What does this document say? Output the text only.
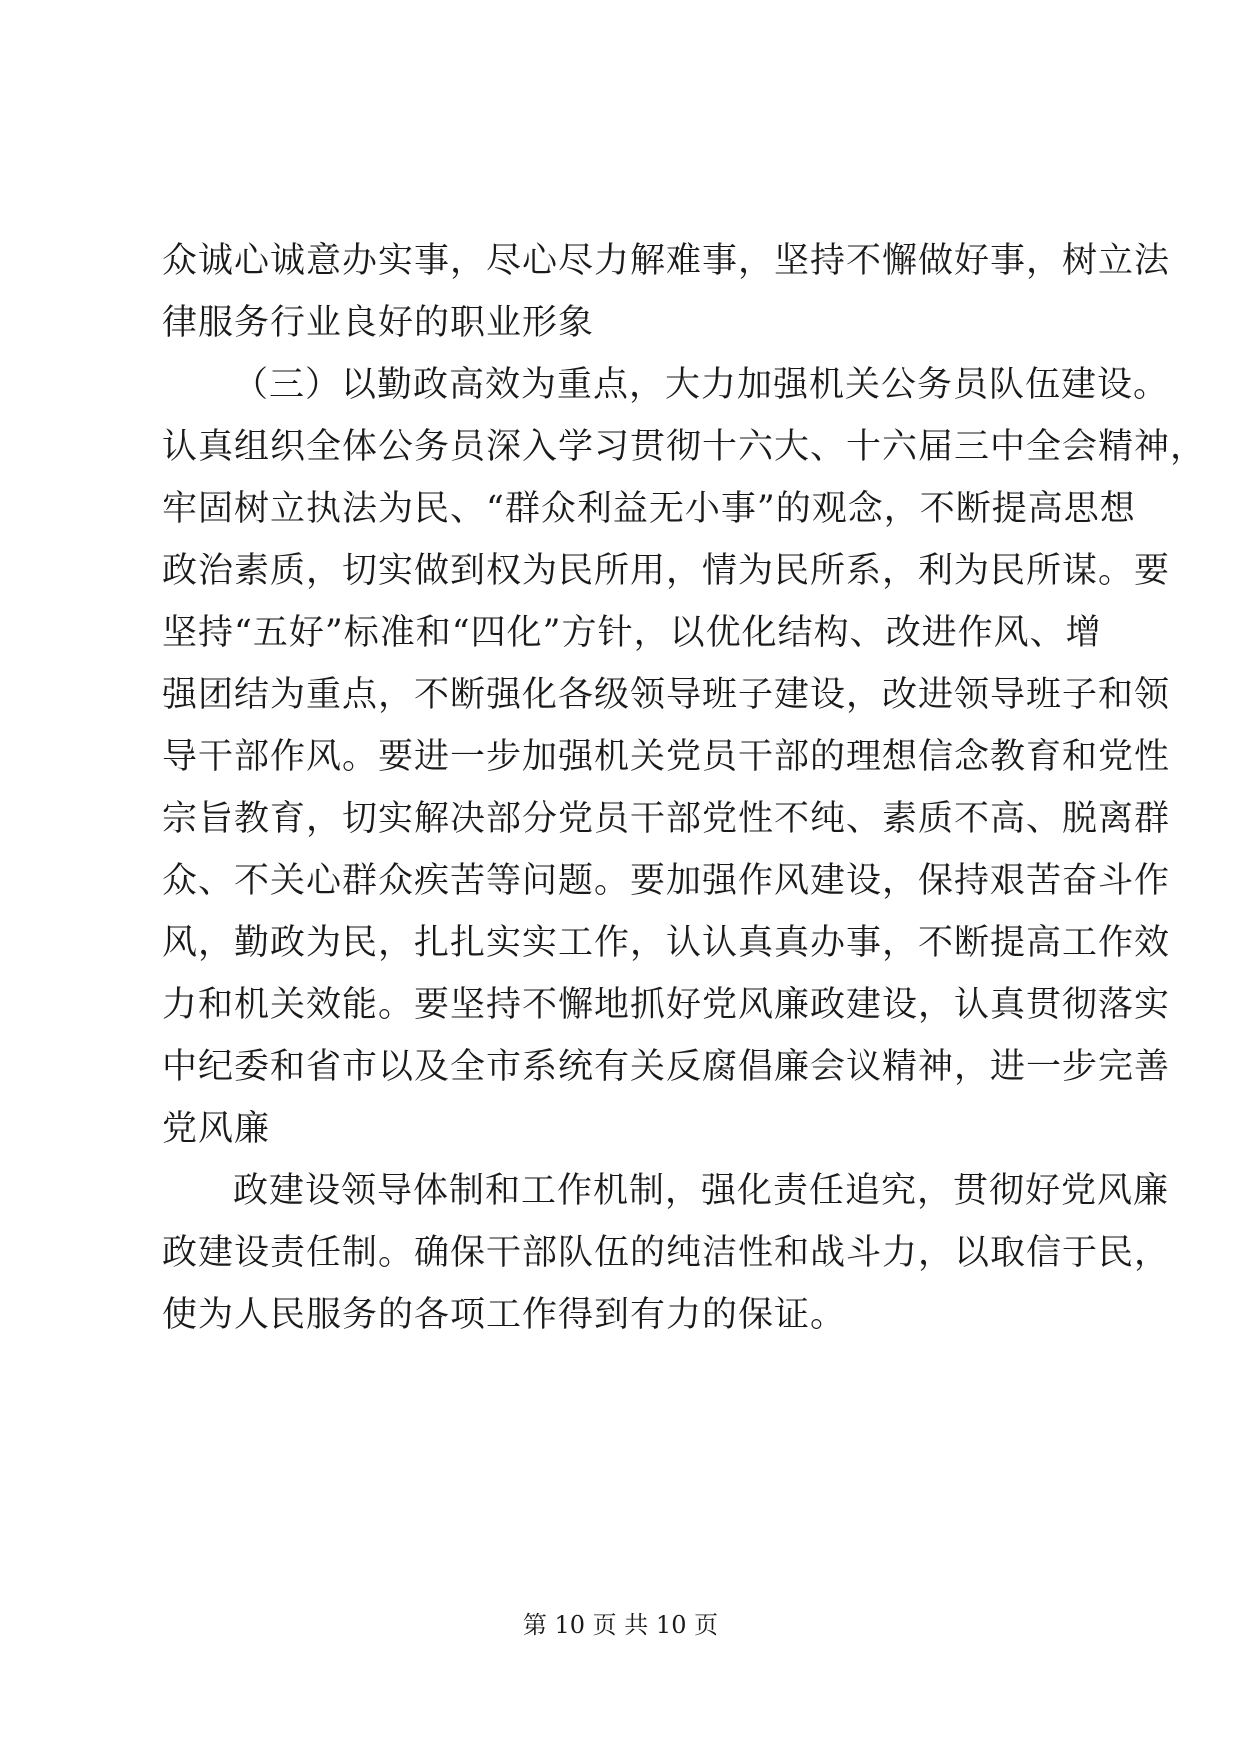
众诚心诚意办实事，尽心尽力解难事，坚持不懈做好事，树立法
律服务行业良好的职业形象
（三）以勤政高效为重点，大力加强机关公务员队伍建设。
认真组织全体公务员深入学习贯彻十六大、十六届三中全会精神，
牢固树立执法为民、“群众利益无小事”的观念，不断提高思想
政治素质，切实做到权为民所用，情为民所系，利为民所谋。要
坚持“五好”标准和“四化”方针，以优化结构、改进作风、增
强团结为重点，不断强化各级领导班子建设，改进领导班子和领
导干部作风。要进一步加强机关党员干部的理想信念教育和党性
宗旨教育，切实解决部分党员干部党性不纯、素质不高、脱离群
众、不关心群众疾苦等问题。要加强作风建设，保持艰苦奋斗作
风，勤政为民，扎扎实实工作，认认真真办事，不断提高工作效
力和机关效能。要坚持不懈地抓好党风廉政建设，认真贯彻落实
中纪委和省市以及全市系统有关反腐倡廉会议精神，进一步完善
党风廉
政建设领导体制和工作机制，强化责任追究，贯彻好党风廉
政建设责任制。确保干部队伍的纯洁性和战斗力，以取信于民，
使为人民服务的各项工作得到有力的保证。
第 10 页 共 10 页
